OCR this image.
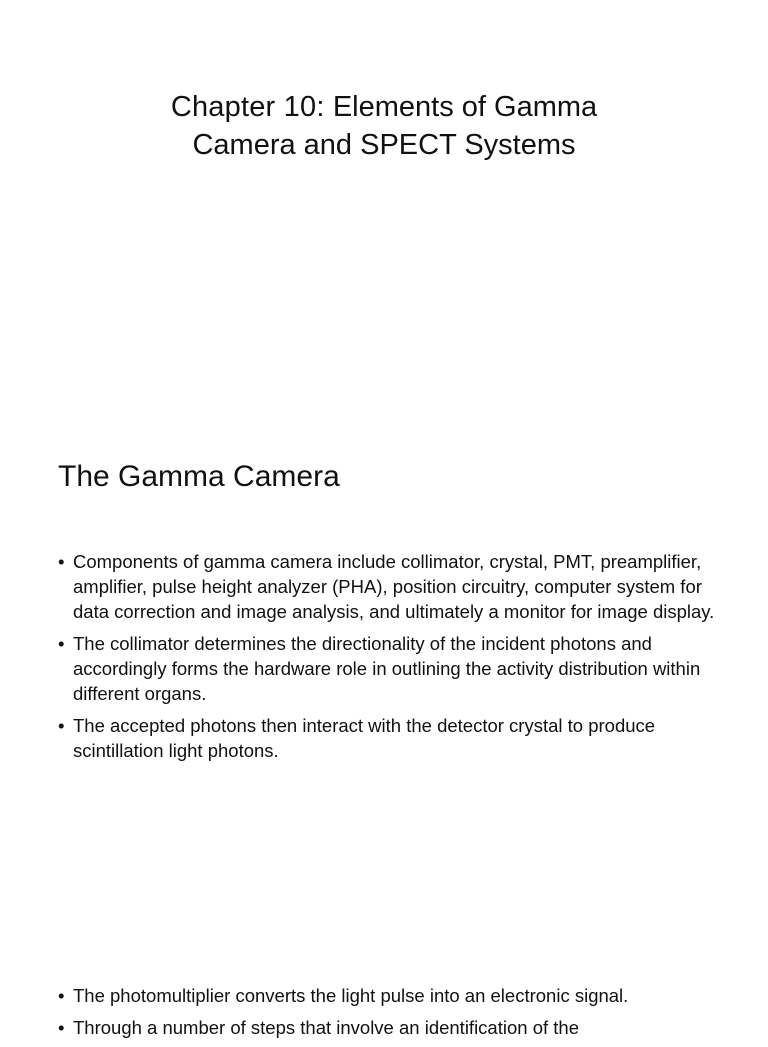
Chapter 10: Elements of Gamma
Camera and SPECT Systems
The Gamma Camera
• Components of gamma camera include collimator, crystal, PMT, preamplifier, amplifier, pulse height analyzer (PHA), position circuitry, computer system for data correction and image analysis, and ultimately a monitor for image display.
• The collimator determines the directionality of the incident photons and accordingly forms the hardware role in outlining the activity distribution within different organs.
• The accepted photons then interact with the detector crystal to produce scintillation light photons.
• The photomultiplier converts the light pulse into an electronic signal.
• Through a number of steps that involve an identification of the
